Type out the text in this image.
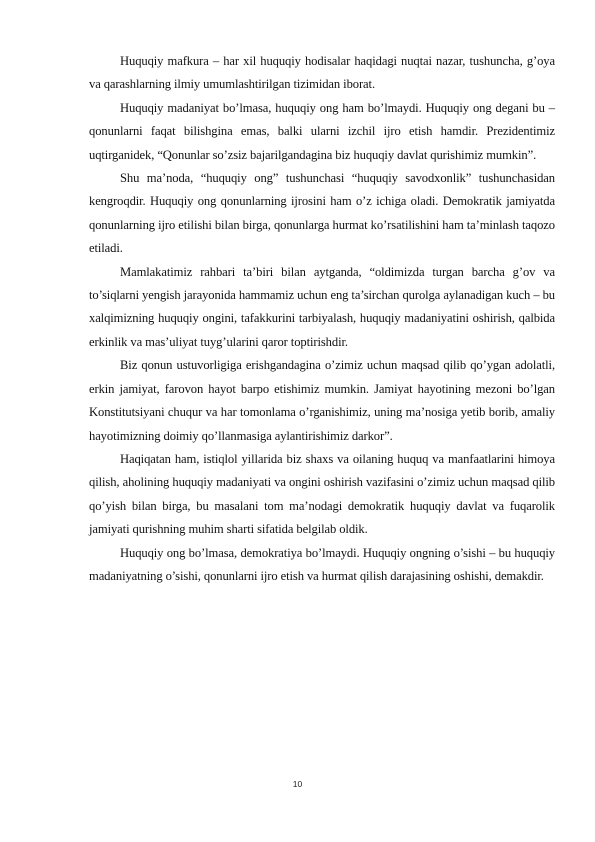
Huquqiy mafkura – har xil huquqiy hodisalar haqidagi nuqtai nazar, tushuncha, g’oya va qarashlarning ilmiy umumlashtirilgan tizimidan iborat.

Huquqiy madaniyat bo’lmasa, huquqiy ong ham bo’lmaydi. Huquqiy ong degani bu – qonunlarni faqat bilishgina emas, balki ularni izchil ijro etish hamdir. Prezidentimiz uqtirganidek, “Qonunlar so’zsiz bajarilgandagina biz huquqiy davlat qurishimiz mumkin”.

Shu ma’noda, “huquqiy ong” tushunchasi “huquqiy savodxonlik” tushunchasidan kengroqdir. Huquqiy ong qonunlarning ijrosini ham o’z ichiga oladi. Demokratik jamiyatda qonunlarning ijro etilishi bilan birga, qonunlarga hurmat ko’rsatilishini ham ta’minlash taqozo etiladi.

Mamlakatimiz rahbari ta’biri bilan aytganda, “oldimizda turgan barcha g’ov va to’siqlarni yengish jarayonida hammamiz uchun eng ta’sirchan qurolga aylanadigan kuch – bu xalqimizning huquqiy ongini, tafakkurini tarbiyalash, huquqiy madaniyatini oshirish, qalbida erkinlik va mas’uliyat tuyg’ularini qaror toptirishdir.

Biz qonun ustuvorligiga erishgandagina o’zimiz uchun maqsad qilib qo’ygan adolatli, erkin jamiyat, farovon hayot barpo etishimiz mumkin. Jamiyat hayotining mezoni bo’lgan Konstitutsiyani chuqur va har tomonlama o’rganishimiz, uning ma’nosiga yetib borib, amaliy hayotimizning doimiy qo’llanmasiga aylantirishimiz darkor”.

Haqiqatan ham, istiqlol yillarida biz shaxs va oilaning huquq va manfaatlarini himoya qilish, aholining huquqiy madaniyati va ongini oshirish vazifasini o’zimiz uchun maqsad qilib qo’yish bilan birga, bu masalani tom ma’nodagi demokratik huquqiy davlat va fuqarolik jamiyati qurishning muhim sharti sifatida belgilab oldik.

Huquqiy ong bo’lmasa, demokratiya bo’lmaydi. Huquqiy ongning o’sishi – bu huquqiy madaniyatning o’sishi, qonunlarni ijro etish va hurmat qilish darajasining oshishi, demakdir.

10
